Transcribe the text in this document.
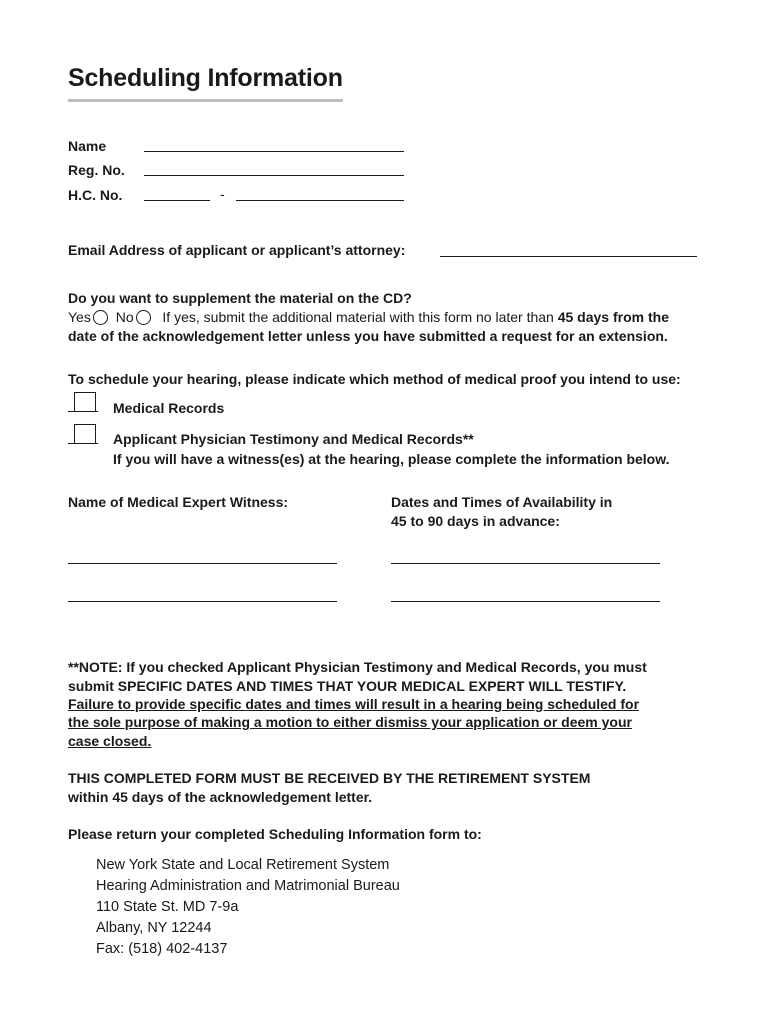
Scheduling Information
Name
Reg. No.
H.C. No.	-
Email Address of applicant or applicant’s attorney:
Do you want to supplement the material on the CD?
Yes No If yes, submit the additional material with this form no later than 45 days from the
date of the acknowledgement letter unless you have submitted a request for an extension.
To schedule your hearing, please indicate which method of medical proof you intend to use:
Medical Records
Applicant Physician Testimony and Medical Records**
If you will have a witness(es) at the hearing, please complete the information below.
Name of Medical Expert Witness:	Dates and Times of Availability in
45 to 90 days in advance:
**NOTE: If you checked Applicant Physician Testimony and Medical Records, you must
submit SPECIFIC DATES AND TIMES THAT YOUR MEDICAL EXPERT WILL TESTIFY.
Failure to provide specific dates and times will result in a hearing being scheduled for
the sole purpose of making a motion to either dismiss your application or deem your
case closed.
THIS COMPLETED FORM MUST BE RECEIVED BY THE RETIREMENT SYSTEM
within 45 days of the acknowledgement letter.
Please return your completed Scheduling Information form to:
New York State and Local Retirement System
Hearing Administration and Matrimonial Bureau
110 State St. MD 7-9a
Albany, NY 12244
Fax: (518) 402-4137
